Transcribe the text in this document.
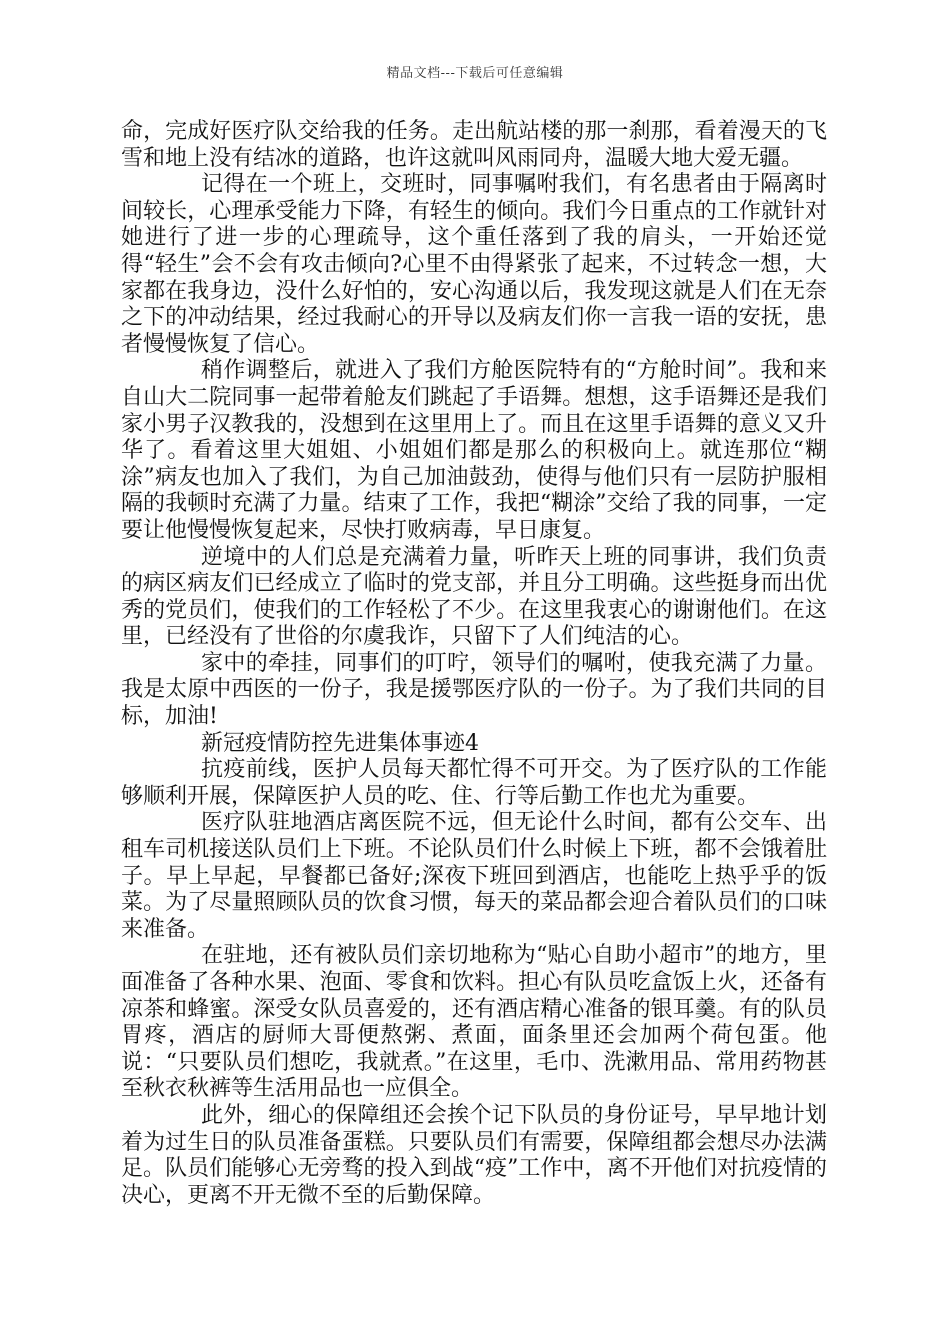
精品文档---下载后可任意编辑

命，完成好医疗队交给我的任务。走出航站楼的那一刹那，看着漫天的飞雪和地上没有结冰的道路，也许这就叫风雨同舟，温暖大地大爱无疆。

记得在一个班上，交班时，同事嘱咐我们，有名患者由于隔离时间较长，心理承受能力下降，有轻生的倾向。我们今日重点的工作就针对她进行了进一步的心理疏导，这个重任落到了我的肩头，一开始还觉得“轻生”会不会有攻击倾向?心里不由得紧张了起来，不过转念一想，大家都在我身边，没什么好怕的，安心沟通以后，我发现这就是人们在无奈之下的冲动结果，经过我耐心的开导以及病友们你一言我一语的安抚，患者慢慢恢复了信心。

稍作调整后，就进入了我们方舱医院特有的“方舱时间”。我和来自山大二院同事一起带着舱友们跳起了手语舞。想想，这手语舞还是我们家小男子汉教我的，没想到在这里用上了。而且在这里手语舞的意义又升华了。看着这里大姐姐、小姐姐们都是那么的积极向上。就连那位“糊涂”病友也加入了我们，为自己加油鼓劲，使得与他们只有一层防护服相隔的我顿时充满了力量。结束了工作，我把“糊涂”交给了我的同事，一定要让他慢慢恢复起来，尽快打败病毒，早日康复。

逆境中的人们总是充满着力量，听昨天上班的同事讲，我们负责的病区病友们已经成立了临时的党支部，并且分工明确。这些挺身而出优秀的党员们，使我们的工作轻松了不少。在这里我衷心的谢谢他们。在这里，已经没有了世俗的尔虞我诈，只留下了人们纯洁的心。

家中的牵挂，同事们的叮咛，领导们的嘱咐，使我充满了力量。我是太原中西医的一份子，我是援鄂医疗队的一份子。为了我们共同的目标，加油!

新冠疫情防控先进集体事迹4

抗疫前线，医护人员每天都忙得不可开交。为了医疗队的工作能够顺利开展，保障医护人员的吃、住、行等后勤工作也尤为重要。

医疗队驻地酒店离医院不远，但无论什么时间，都有公交车、出租车司机接送队员们上下班。不论队员们什么时候上下班，都不会饿着肚子。早上早起，早餐都已备好;深夜下班回到酒店，也能吃上热乎乎的饭菜。为了尽量照顾队员的饮食习惯，每天的菜品都会迎合着队员们的口味来准备。

在驻地，还有被队员们亲切地称为“贴心自助小超市”的地方，里面准备了各种水果、泡面、零食和饮料。担心有队员吃盒饭上火，还备有凉茶和蜂蜜。深受女队员喜爱的，还有酒店精心准备的银耳羹。有的队员胃疼，酒店的厨师大哥便熬粥、煮面，面条里还会加两个荷包蛋。他说：“只要队员们想吃，我就煮。”在这里，毛巾、洗漱用品、常用药物甚至秋衣秋裤等生活用品也一应俱全。

此外，细心的保障组还会挨个记下队员的身份证号，早早地计划着为过生日的队员准备蛋糕。只要队员们有需要，保障组都会想尽办法满足。队员们能够心无旁骛的投入到战“疫”工作中，离不开他们对抗疫情的决心，更离不开无微不至的后勤保障。
